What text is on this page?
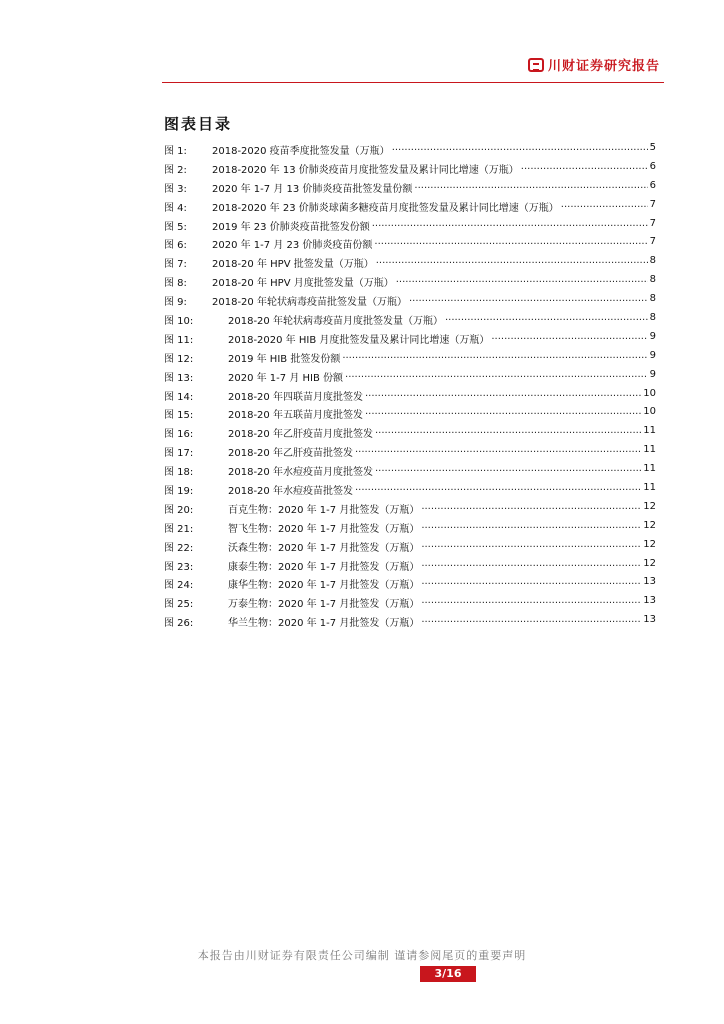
川财证券研究报告
图表目录
图 1:	2018-2020 疫苗季度批签发量（万瓶） .....	5
图 2:	2018-2020 年 13 价肺炎疫苗月度批签发量及累计同比增速（万瓶） .....	6
图 3:	2020 年 1-7 月 13 价肺炎疫苗批签发量份额 .....	6
图 4:	2018-2020 年 23 价肺炎球菌多糖疫苗月度批签发量及累计同比增速（万瓶） .....	7
图 5:	2019 年 23 价肺炎疫苗批签发份额 .....	7
图 6:	2020 年 1-7 月 23 价肺炎疫苗份额 .....	7
图 7:	2018-20 年 HPV 批签发量（万瓶） .....	8
图 8:	2018-20 年 HPV 月度批签发量（万瓶） .....	8
图 9:	2018-20 年轮状病毒疫苗批签发量（万瓶） .....	8
图 10:	2018-20 年轮状病毒疫苗月度批签发量（万瓶） .....	8
图 11:	2018-2020 年 HIB 月度批签发量及累计同比增速（万瓶） .....	9
图 12:	2019 年 HIB 批签发份额 .....	9
图 13:	2020 年 1-7 月 HIB 份额 .....	9
图 14:	2018-20 年四联苗月度批签发 .....	10
图 15:	2018-20 年五联苗月度批签发 .....	10
图 16:	2018-20 年乙肝疫苗月度批签发 .....	11
图 17:	2018-20 年乙肝疫苗批签发 .....	11
图 18:	2018-20 年水痘疫苗月度批签发 .....	11
图 19:	2018-20 年水痘疫苗批签发 .....	11
图 20:	百克生物：2020 年 1-7 月批签发（万瓶） .....	12
图 21:	智飞生物：2020 年 1-7 月批签发（万瓶） .....	12
图 22:	沃森生物：2020 年 1-7 月批签发（万瓶） .....	12
图 23:	康泰生物：2020 年 1-7 月批签发（万瓶） .....	12
图 24:	康华生物：2020 年 1-7 月批签发（万瓶） .....	13
图 25:	万泰生物：2020 年 1-7 月批签发（万瓶） .....	13
图 26:	华兰生物：2020 年 1-7 月批签发（万瓶） .....	13
本报告由川财证券有限责任公司编制 谨请参阅尾页的重要声明
3/16
